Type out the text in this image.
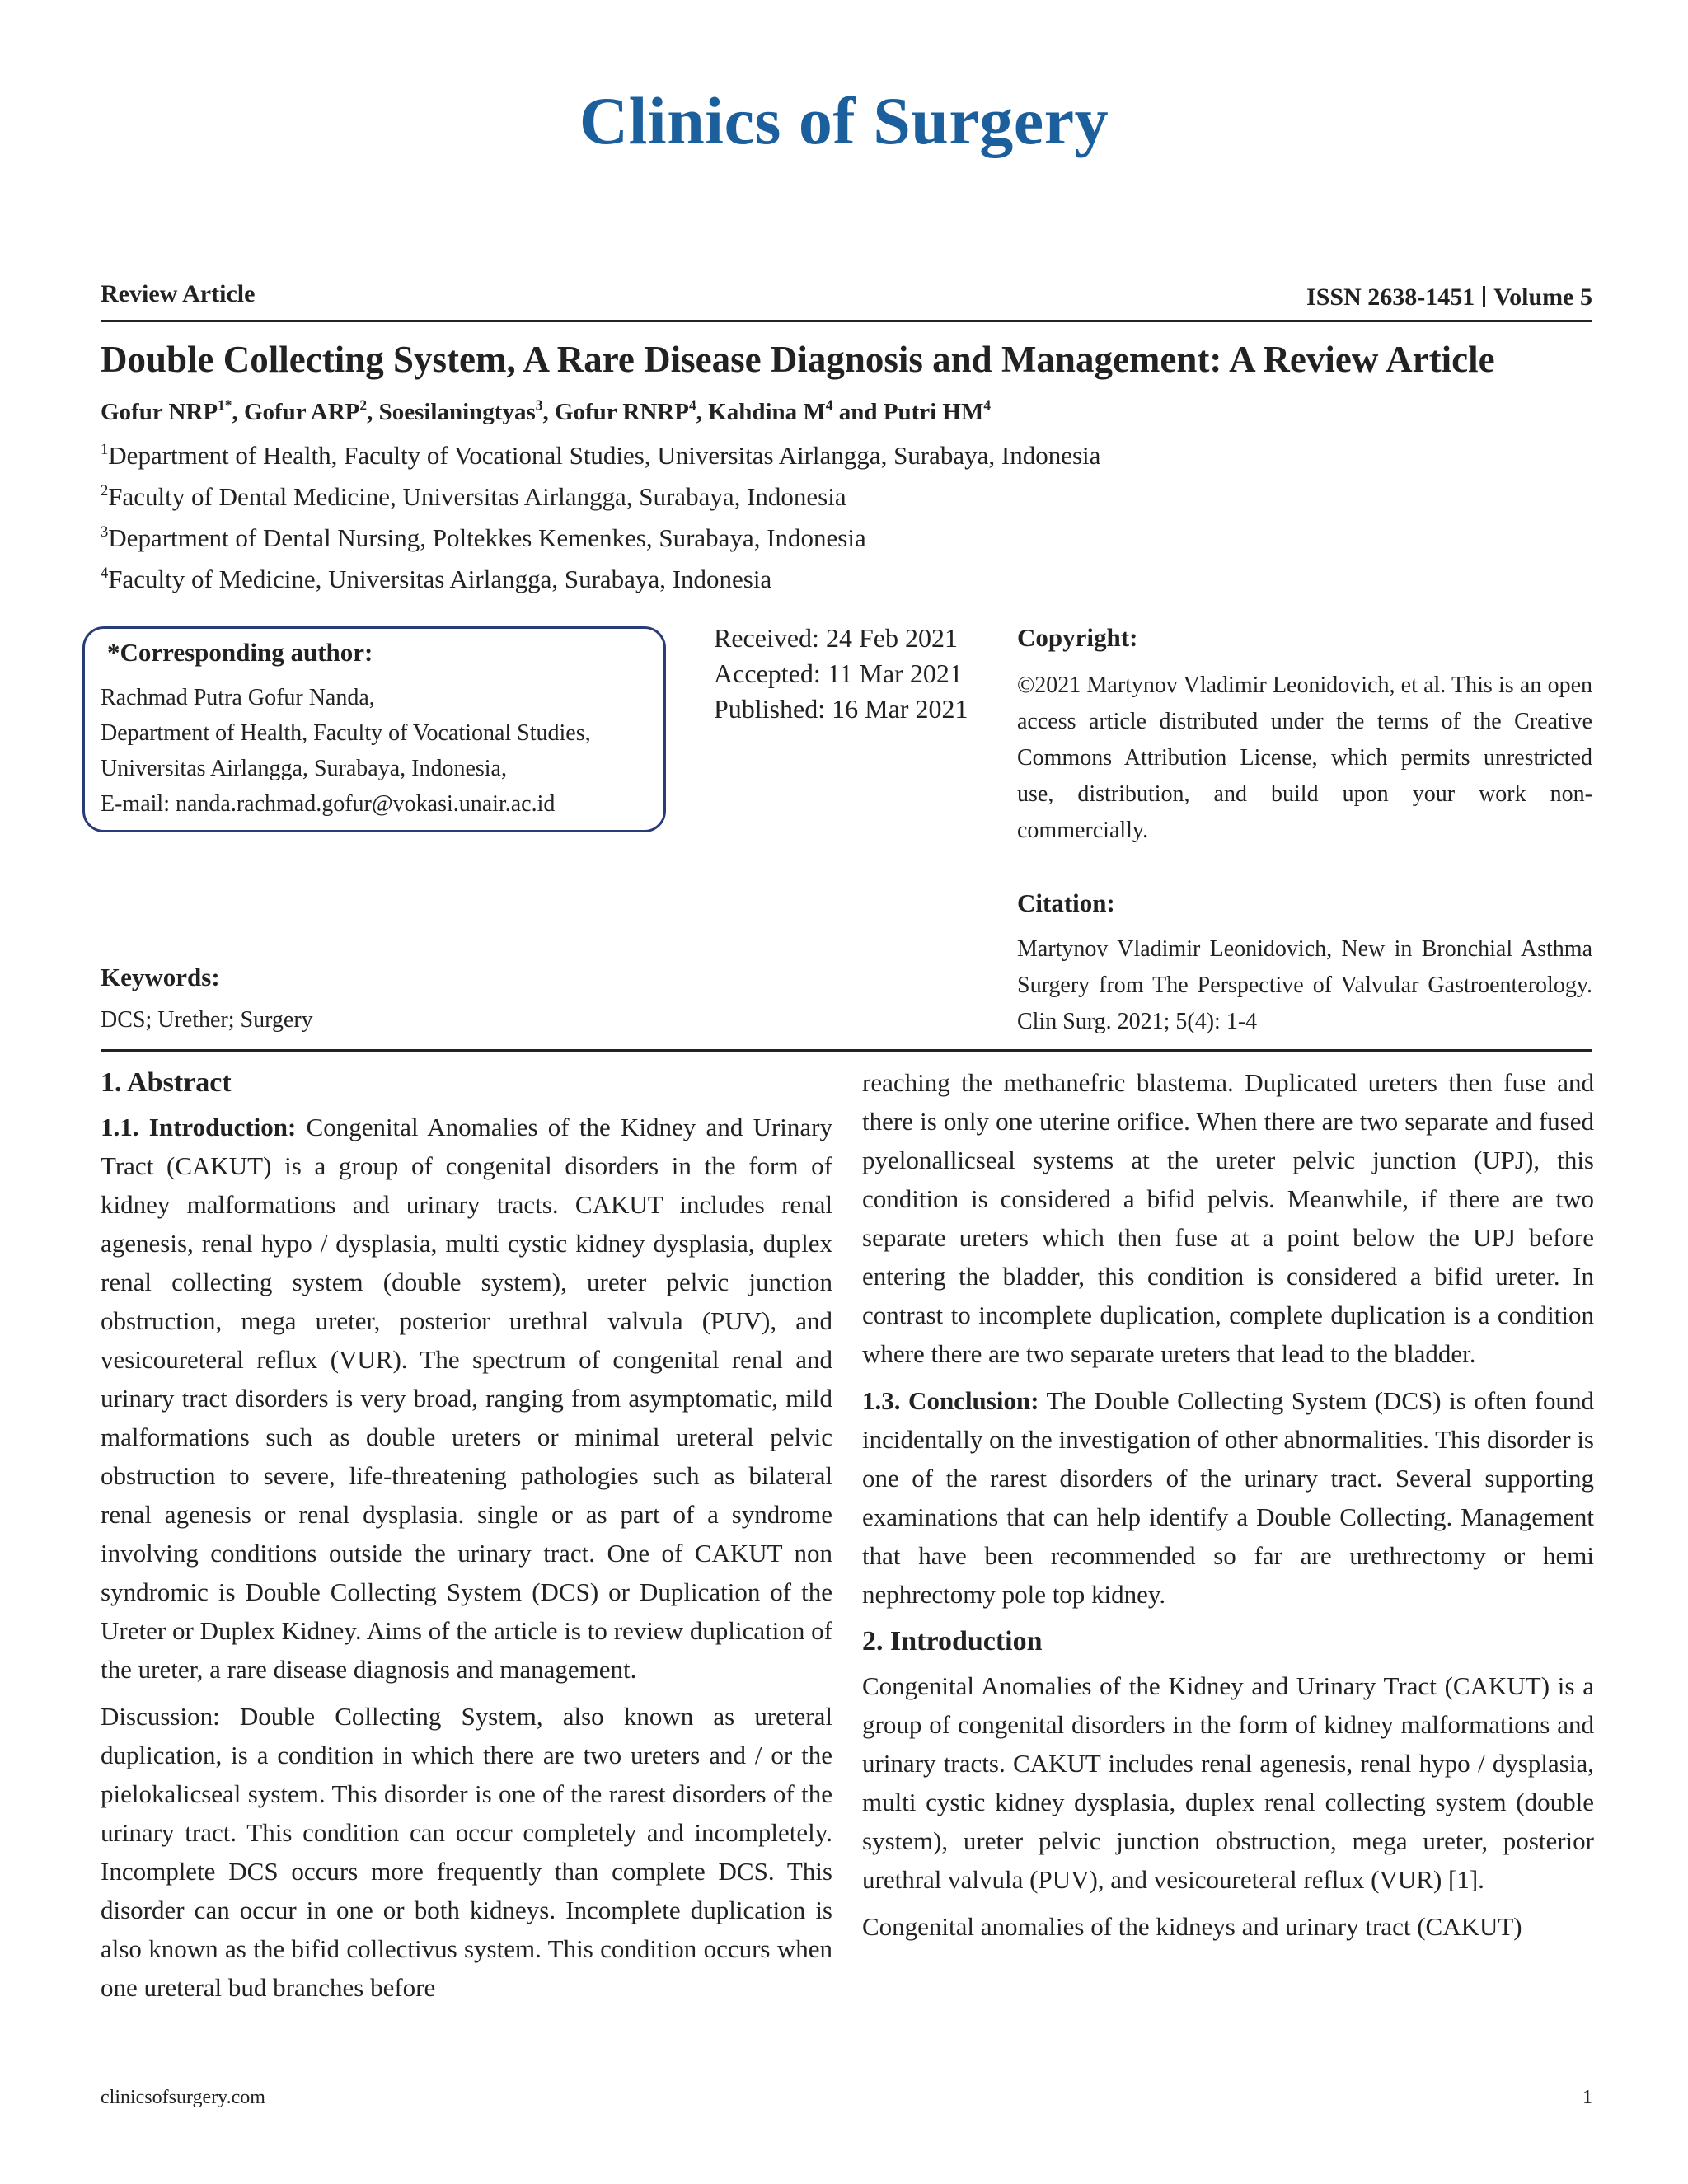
Clinics of Surgery
Review Article	ISSN 2638-1451 Volume 5
Double Collecting System, A Rare Disease Diagnosis and Management: A Review Article
Gofur $NRP^{1*}$, Gofur ARP$^2$, Soesilaningtyas$^3$, Gofur RNRP$^4$, Kahdina $M^4$ and Putri $HM^4$
$^1$Department of Health, Faculty of Vocational Studies, Universitas Airlangga, Surabaya, Indonesia
$^2$Faculty of Dental Medicine, Universitas Airlangga, Surabaya, Indonesia
$^3$Department of Dental Nursing, Poltekkes Kemenkes, Surabaya, Indonesia
$^4$Faculty of Medicine, Universitas Airlangga, Surabaya, Indonesia
*Corresponding author:
Rachmad Putra Gofur Nanda,
Department of Health, Faculty of Vocational Studies,
Universitas Airlangga, Surabaya, Indonesia,
E-mail: nanda.rachmad.gofur@vokasi.unair.ac.id
Received: 24 Feb 2021
Accepted: 11 Mar 2021
Published: 16 Mar 2021
Copyright:
©2021 Martynov Vladimir Leonidovich, et al. This is an open access article distributed under the terms of the Creative Commons Attribution License, which permits unrestricted use, distribution, and build upon your work non-commercially.
Citation:
Martynov Vladimir Leonidovich, New in Bronchial Asthma Surgery from The Perspective of Valvular Gastroenterology. Clin Surg. 2021; 5(4): 1-4
Keywords:
DCS; Urether; Surgery
1. Abstract

1.1. Introduction: Congenital Anomalies of the Kidney and Urinary Tract (CAKUT) is a group of congenital disorders in the form of kidney malformations and urinary tracts. CAKUT includes renal agenesis, renal hypo / dysplasia, multi cystic kidney dysplasia, duplex renal collecting system (double system), ureter pelvic junction obstruction, mega ureter, posterior urethral valvula (PUV), and vesicoureteral reflux (VUR). The spectrum of congenital renal and urinary tract disorders is very broad, ranging from asymptomatic, mild malformations such as double ureters or minimal ureteral pelvic obstruction to severe, life-threatening pathologies such as bilateral renal agenesis or renal dysplasia. single or as part of a syndrome involving conditions outside the urinary tract. One of CAKUT non syndromic is Double Collecting System (DCS) or Duplication of the Ureter or Duplex Kidney. Aims of the article is to review duplication of the ureter, a rare disease diagnosis and management.

Discussion: Double Collecting System, also known as ureteral duplication, is a condition in which there are two ureters and / or the pielokalicseal system. This disorder is one of the rarest disorders of the urinary tract. This condition can occur completely and incompletely. Incomplete DCS occurs more frequently than complete DCS. This disorder can occur in one or both kidneys. Incomplete duplication is also known as the bifid collectivus system. This condition occurs when one ureteral bud branches before

reaching the methanefric blastema. Duplicated ureters then fuse and there is only one uterine orifice. When there are two separate and fused pyelonallicseal systems at the ureter pelvic junction (UPJ), this condition is considered a bifid pelvis. Meanwhile, if there are two separate ureters which then fuse at a point below the UPJ before entering the bladder, this condition is considered a bifid ureter. In contrast to incomplete duplication, complete duplication is a condition where there are two separate ureters that lead to the bladder.

1.3. Conclusion: The Double Collecting System (DCS) is often found incidentally on the investigation of other abnormalities. This disorder is one of the rarest disorders of the urinary tract. Several supporting examinations that can help identify a Double Collecting. Management that have been recommended so far are urethrectomy or hemi nephrectomy pole top kidney.

2. Introduction

Congenital Anomalies of the Kidney and Urinary Tract (CAKUT) is a group of congenital disorders in the form of kidney malformations and urinary tracts. CAKUT includes renal agenesis, renal hypo / dysplasia, multi cystic kidney dysplasia, duplex renal collecting system (double system), ureter pelvic junction obstruction, mega ureter, posterior urethral valvula (PUV), and vesicoureteral reflux (VUR) [1].

Congenital anomalies of the kidneys and urinary tract (CAKUT)

clinicsofsurgery.com	1
